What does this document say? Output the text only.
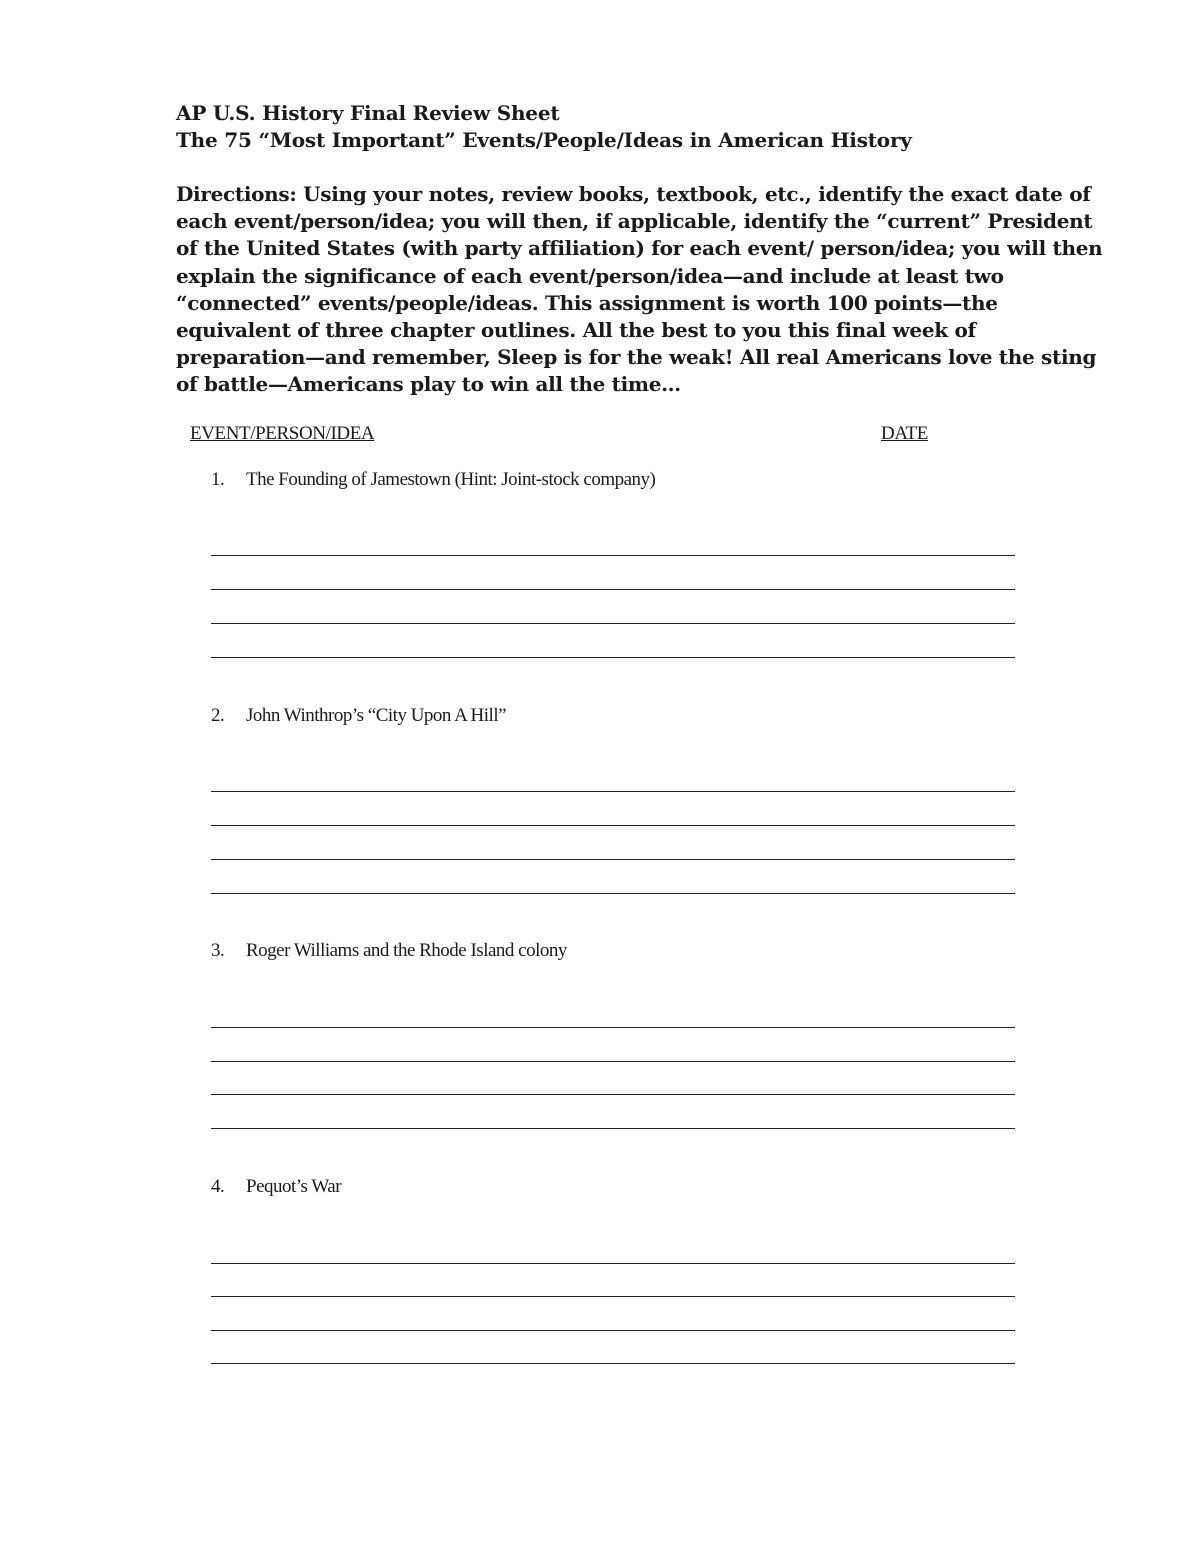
AP U.S. History Final Review Sheet
The 75 “Most Important” Events/People/Ideas in American History
Directions: Using your notes, review books, textbook, etc., identify the exact date of
each event/person/idea; you will then, if applicable, identify the “current” President
of the United States (with party affiliation) for each event/ person/idea; you will then
explain the significance of each event/person/idea—and include at least two
“connected” events/people/ideas. This assignment is worth 100 points—the
equivalent of three chapter outlines. All the best to you this final week of
preparation—and remember, Sleep is for the weak! All real Americans love the sting
of battle—Americans play to win all the time…
EVENT/PERSON/IDEA	DATE
1. The Founding of Jamestown (Hint: Joint-stock company)
2. John Winthrop’s “City Upon A Hill”
3. Roger Williams and the Rhode Island colony
4. Pequot’s War
